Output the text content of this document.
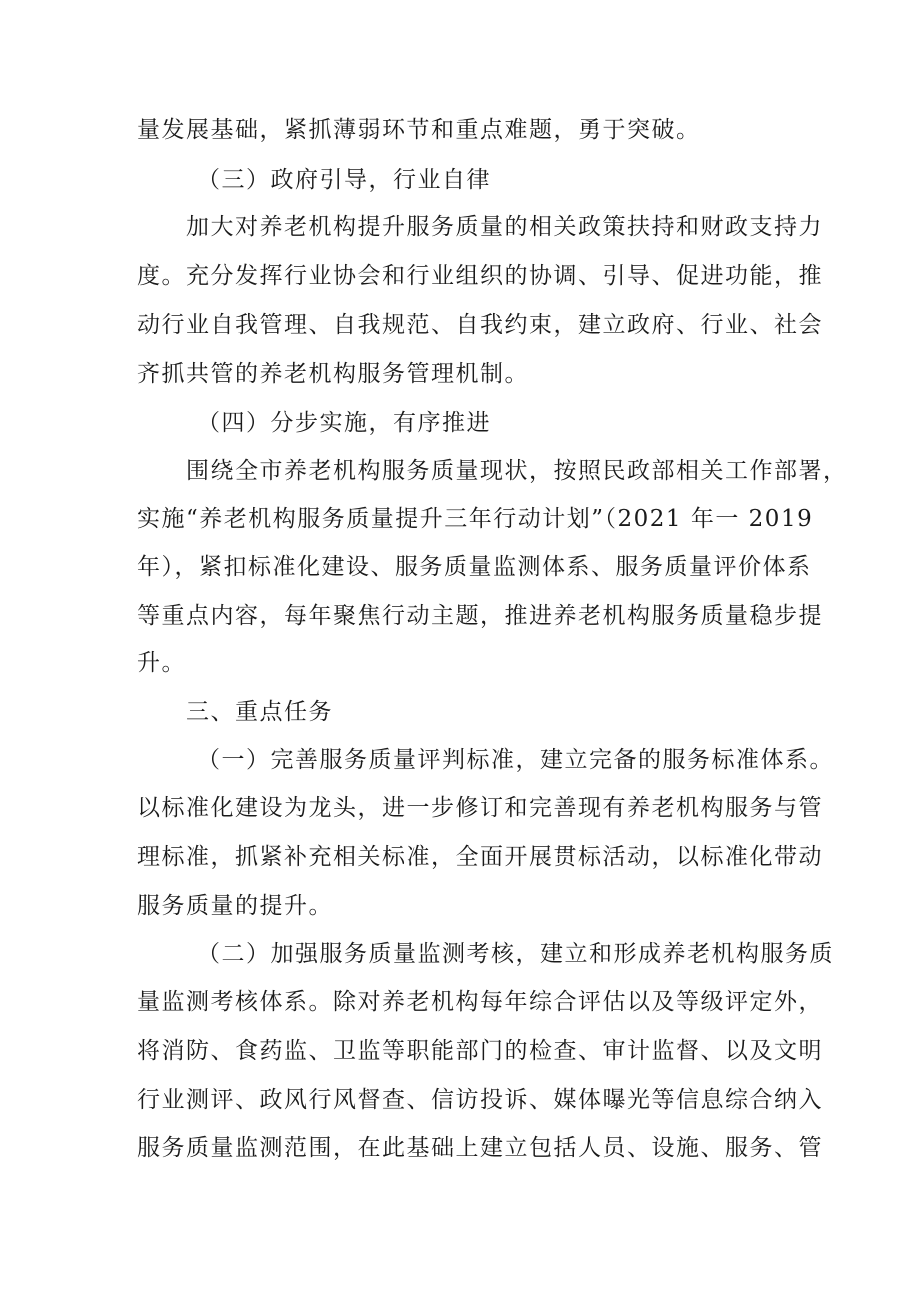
量发展基础，紧抓薄弱环节和重点难题，勇于突破。
（三）政府引导，行业自律
加大对养老机构提升服务质量的相关政策扶持和财政支持力
度。充分发挥行业协会和行业组织的协调、引导、促进功能，推
动行业自我管理、自我规范、自我约束，建立政府、行业、社会
齐抓共管的养老机构服务管理机制。
（四）分步实施，有序推进
围绕全市养老机构服务质量现状，按照民政部相关工作部署，
实施“养老机构服务质量提升三年行动计划”（2021 年一 2019
年），紧扣标准化建设、服务质量监测体系、服务质量评价体系
等重点内容，每年聚焦行动主题，推进养老机构服务质量稳步提
升。
三、重点任务
（一）完善服务质量评判标准，建立完备的服务标准体系。
以标准化建设为龙头，进一步修订和完善现有养老机构服务与管
理标准，抓紧补充相关标准，全面开展贯标活动，以标准化带动
服务质量的提升。
（二）加强服务质量监测考核，建立和形成养老机构服务质
量监测考核体系。除对养老机构每年综合评估以及等级评定外，
将消防、食药监、卫监等职能部门的检查、审计监督、以及文明
行业测评、政风行风督查、信访投诉、媒体曝光等信息综合纳入
服务质量监测范围，在此基础上建立包括人员、设施、服务、管
